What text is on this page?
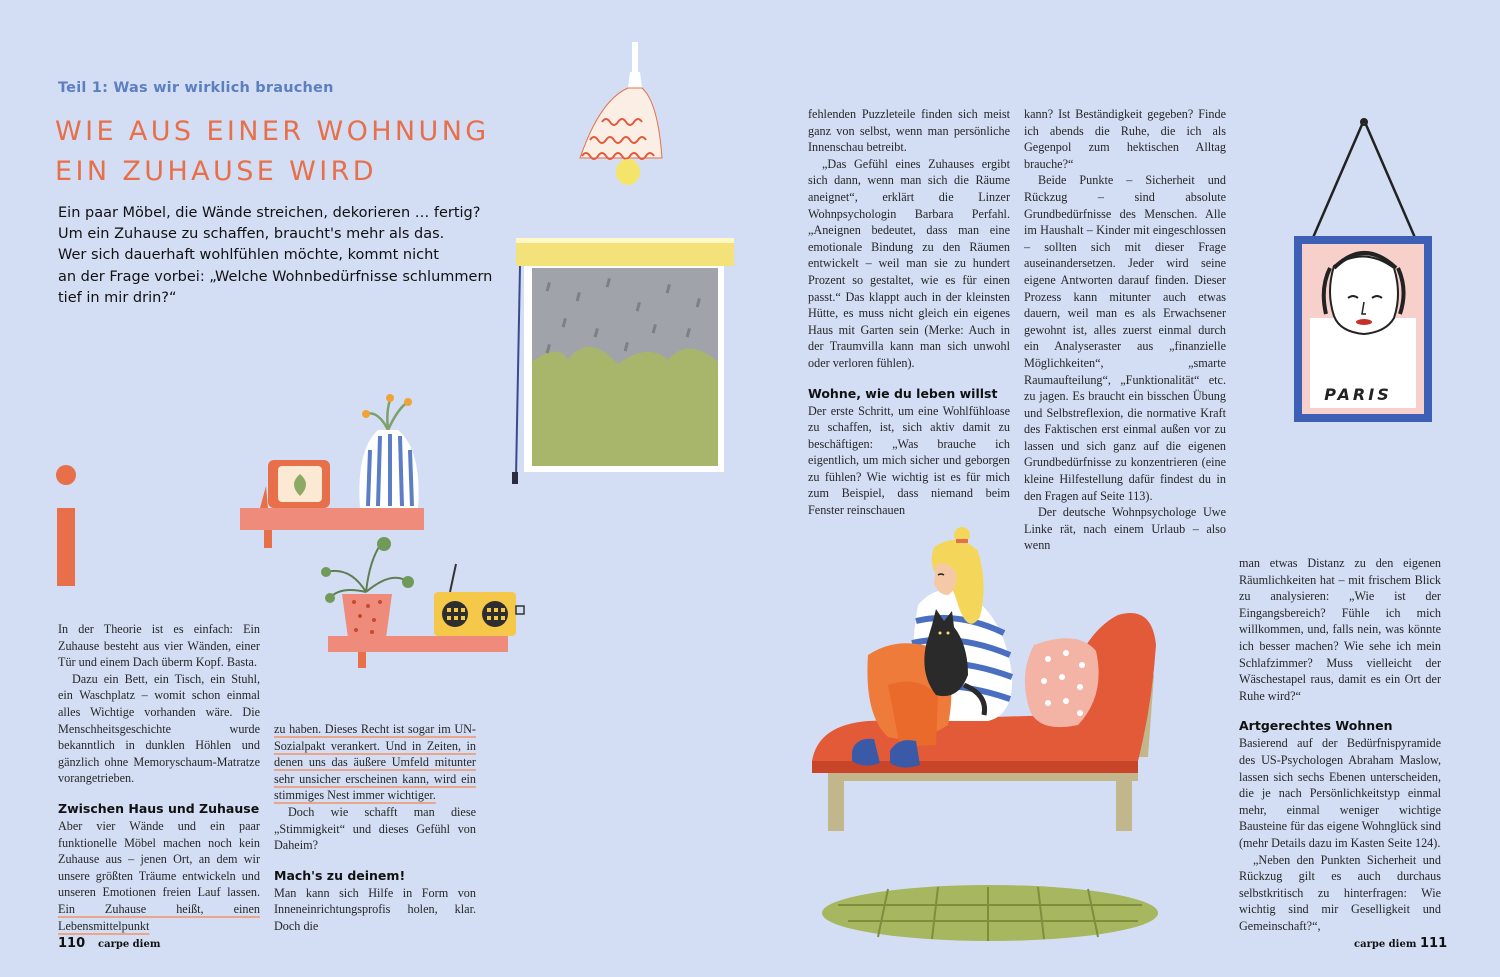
Teil 1: Was wir wirklich brauchen
WIE AUS EINER WOHNUNG
EIN ZUHAUSE WIRD
Ein paar Möbel, die Wände streichen, dekorieren … fertig?
Um ein Zuhause zu schaffen, braucht's mehr als das.
Wer sich dauerhaft wohlfühlen möchte, kommt nicht
an der Frage vorbei: „Welche Wohnbedürfnisse schlummern
tief in mir drin?“

In der Theorie ist es einfach: Ein Zuhause besteht aus vier Wänden, einer Tür und einem Dach überm Kopf. Basta.

Dazu ein Bett, ein Tisch, ein Stuhl, ein Waschplatz – womit schon einmal alles Wichtige vorhanden wäre. Die Menschheitsgeschichte wurde bekanntlich in dunklen Höhlen und gänzlich ohne Memoryschaum-Matratze vorangetrieben.

Zwischen Haus und Zuhause

Aber vier Wände und ein paar funktionelle Möbel machen noch kein Zuhause aus – jenen Ort, an dem wir unsere größten Träume entwickeln und unseren Emotionen freien Lauf lassen. Ein Zuhause heißt, einen Lebensmittelpunkt

zu haben. Dieses Recht ist sogar im UN-Sozialpakt verankert. Und in Zeiten, in denen uns das äußere Umfeld mitunter sehr unsicher erscheinen kann, wird ein stimmiges Nest immer wichtiger.

Doch wie schafft man diese „Stimmigkeit“ und dieses Gefühl von Daheim?

Mach's zu deinem!

Man kann sich Hilfe in Form von Inneneinrichtungsprofis holen, klar. Doch die

fehlenden Puzzleteile finden sich meist ganz von selbst, wenn man persönliche Innenschau betreibt.

„Das Gefühl eines Zuhauses ergibt sich dann, wenn man sich die Räume aneignet“, erklärt die Linzer Wohnpsychologin Barbara Perfahl. „Aneignen bedeutet, dass man eine emotionale Bindung zu den Räumen entwickelt – weil man sie zu hundert Prozent so gestaltet, wie es für einen passt.“ Das klappt auch in der kleinsten Hütte, es muss nicht gleich ein eigenes Haus mit Garten sein (Merke: Auch in der Traumvilla kann man sich unwohl oder verloren fühlen).

Wohne, wie du leben willst

Der erste Schritt, um eine Wohlfühloase zu schaffen, ist, sich aktiv damit zu beschäftigen: „Was brauche ich eigentlich, um mich sicher und geborgen zu fühlen? Wie wichtig ist es für mich zum Beispiel, dass niemand beim Fenster reinschauen

kann? Ist Beständigkeit gegeben? Finde ich abends die Ruhe, die ich als Gegenpol zum hektischen Alltag brauche?“

Beide Punkte – Sicherheit und Rückzug – sind absolute Grundbedürfnisse des Menschen. Alle im Haushalt – Kinder mit eingeschlossen – sollten sich mit dieser Frage auseinandersetzen. Jeder wird seine eigene Antworten darauf finden. Dieser Prozess kann mitunter auch etwas dauern, weil man es als Erwachsener gewohnt ist, alles zuerst einmal durch ein Analyseraster aus „finanzielle Möglichkeiten“, „smarte Raumaufteilung“, „Funktionalität“ etc. zu jagen. Es braucht ein bisschen Übung und Selbstreflexion, die normative Kraft des Faktischen erst einmal außen vor zu lassen und sich ganz auf die eigenen Grundbedürfnisse zu konzentrieren (eine kleine Hilfestellung dafür findest du in den Fragen auf Seite 113).

Der deutsche Wohnpsychologe Uwe Linke rät, nach einem Urlaub – also wenn

man etwas Distanz zu den eigenen Räumlichkeiten hat – mit frischem Blick zu analysieren: „Wie ist der Eingangsbereich? Fühle ich mich willkommen, und, falls nein, was könnte ich besser machen? Wie sehe ich mein Schlafzimmer? Muss vielleicht der Wäschestapel raus, damit es ein Ort der Ruhe wird?“

Artgerechtes Wohnen

Basierend auf der Bedürfnispyramide des US-Psychologen Abraham Maslow, lassen sich sechs Ebenen unterscheiden, die je nach Persönlichkeitstyp einmal mehr, einmal weniger wichtige Bausteine für das eigene Wohnglück sind (mehr Details dazu im Kasten Seite 124).

„Neben den Punkten Sicherheit und Rückzug gilt es auch durchaus selbstkritisch zu hinterfragen: Wie wichtig sind mir Geselligkeit und Gemeinschaft?“,

110 carpe diem	carpe diem 111
PARIS
